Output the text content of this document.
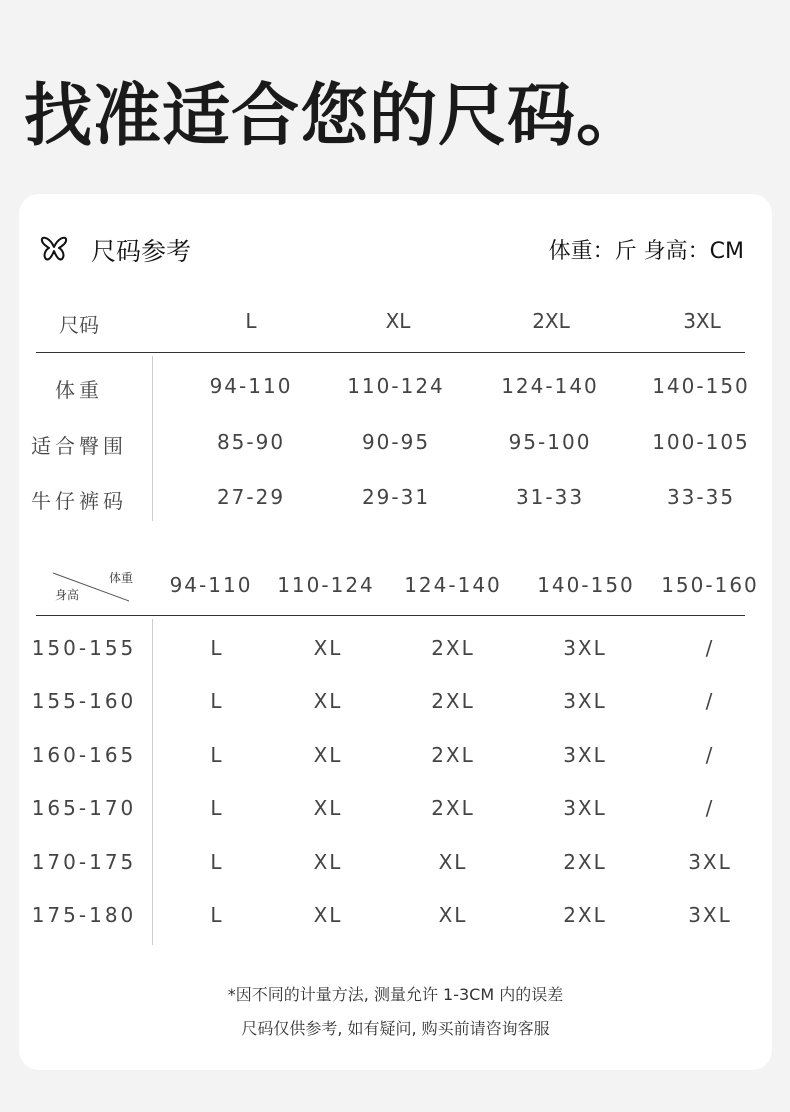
找准适合您的尺码。
尺码参考	体重：斤 身高：CM
尺码	L	XL	2XL	3XL
体重	94-110	110-124	124-140	140-150
适合臀围	85-90	90-95	95-100	100-105
牛仔裤码	27-29	29-31	31-33	33-35
体重
身高	94-110	110-124	124-140	140-150	150-160
150-155	L	XL	2XL	3XL	/
155-160	L	XL	2XL	3XL	/
160-165	L	XL	2XL	3XL	/
165-170	L	XL	2XL	3XL	/
170-175	L	XL	XL	2XL	3XL
175-180	L	XL	XL	2XL	3XL
*因不同的计量方法, 测量允许 1-3CM 内的误差
尺码仅供参考, 如有疑问, 购买前请咨询客服
